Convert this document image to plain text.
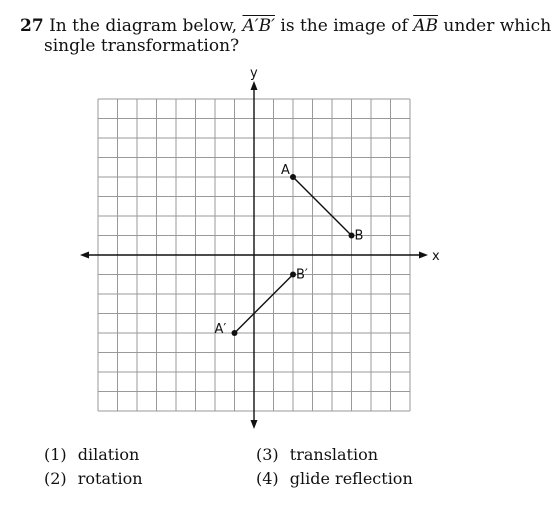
27 In the diagram below, A′B′ is the image of $\overline{AB}$ under which
single transformation?
x
y
A
B
B′
A′
(1) dilation
(2) rotation
(3) translation
(4) glide reflection
